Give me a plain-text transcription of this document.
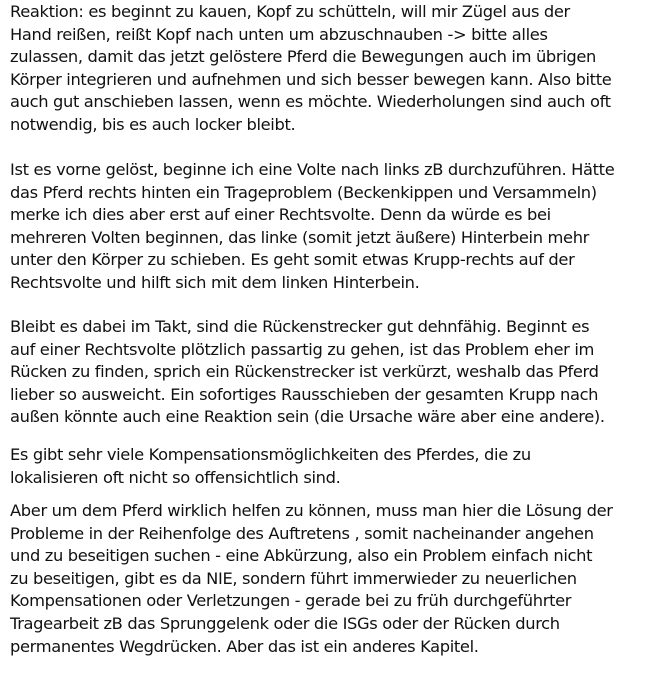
Reaktion: es beginnt zu kauen, Kopf zu schütteln, will mir Zügel aus der
Hand reißen, reißt Kopf nach unten um abzuschnauben -> bitte alles
zulassen, damit das jetzt gelöstere Pferd die Bewegungen auch im übrigen
Körper integrieren und aufnehmen und sich besser bewegen kann. Also bitte
auch gut anschieben lassen, wenn es möchte. Wiederholungen sind auch oft
notwendig, bis es auch locker bleibt.
Ist es vorne gelöst, beginne ich eine Volte nach links zB durchzuführen. Hätte
das Pferd rechts hinten ein Trageproblem (Beckenkippen und Versammeln)
merke ich dies aber erst auf einer Rechtsvolte. Denn da würde es bei
mehreren Volten beginnen, das linke (somit jetzt äußere) Hinterbein mehr
unter den Körper zu schieben. Es geht somit etwas Krupp-rechts auf der
Rechtsvolte und hilft sich mit dem linken Hinterbein.
Bleibt es dabei im Takt, sind die Rückenstrecker gut dehnfähig. Beginnt es
auf einer Rechtsvolte plötzlich passartig zu gehen, ist das Problem eher im
Rücken zu finden, sprich ein Rückenstrecker ist verkürzt, weshalb das Pferd
lieber so ausweicht. Ein sofortiges Rausschieben der gesamten Krupp nach
außen könnte auch eine Reaktion sein (die Ursache wäre aber eine andere).
Es gibt sehr viele Kompensationsmöglichkeiten des Pferdes, die zu
lokalisieren oft nicht so offensichtlich sind.
Aber um dem Pferd wirklich helfen zu können, muss man hier die Lösung der
Probleme in der Reihenfolge des Auftretens , somit nacheinander angehen
und zu beseitigen suchen - eine Abkürzung, also ein Problem einfach nicht
zu beseitigen, gibt es da NIE, sondern führt immerwieder zu neuerlichen
Kompensationen oder Verletzungen - gerade bei zu früh durchgeführter
Tragearbeit zB das Sprunggelenk oder die ISGs oder der Rücken durch
permanentes Wegdrücken. Aber das ist ein anderes Kapitel.
